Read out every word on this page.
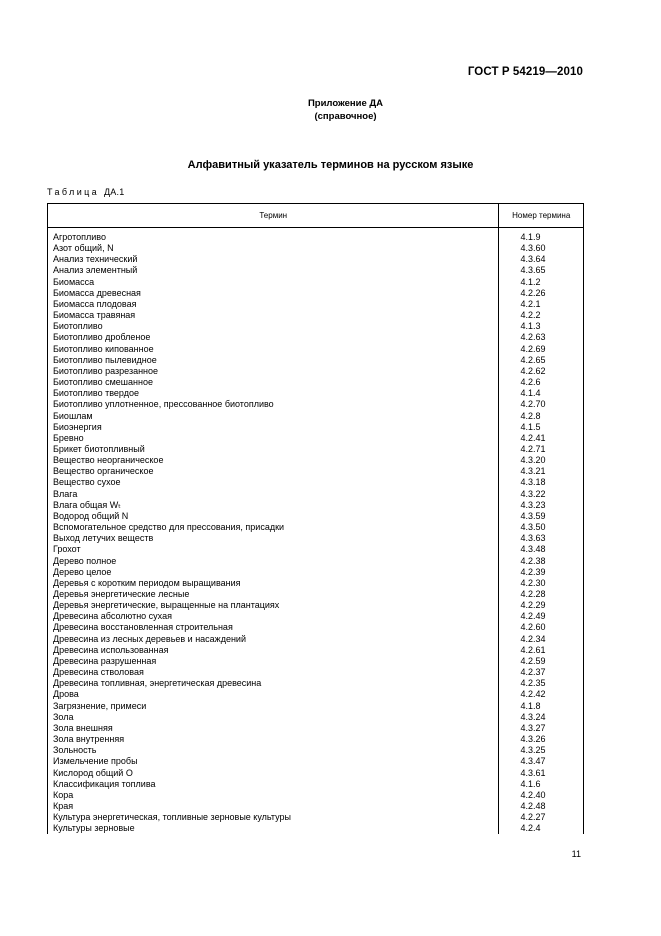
ГОСТ Р 54219—2010
Приложение ДА
(справочное)
Алфавитный указатель терминов на русском языке
Таблица ДА.1
Термин	Номер термина

Агротопливо	4.1.9
Азот общий, N	4.3.60
Анализ технический	4.3.64
Анализ элементный	4.3.65
Биомасса	4.1.2
Биомасса древесная	4.2.26
Биомасса плодовая	4.2.1
Биомасса травяная	4.2.2
Биотопливо	4.1.3
Биотопливо дробленое	4.2.63
Биотопливо кипованное	4.2.69
Биотопливо пылевидное	4.2.65
Биотопливо разрезанное	4.2.62
Биотопливо смешанное	4.2.6
Биотопливо твердое	4.1.4
Биотопливо уплотненное, прессованное биотопливо	4.2.70
Биошлам	4.2.8
Биоэнергия	4.1.5
Бревно	4.2.41
Брикет биотопливный	4.2.71
Вещество неорганическое	4.3.20
Вещество органическое	4.3.21
Вещество сухое	4.3.18
Влага	4.3.22
Влага общая Wₜ	4.3.23
Водород общий N	4.3.59
Вспомогательное средство для прессования, присадки	4.3.50
Выход летучих веществ	4.3.63
Грохот	4.3.48
Дерево полное	4.2.38
Дерево целое	4.2.39
Деревья с коротким периодом выращивания	4.2.30
Деревья энергетические лесные	4.2.28
Деревья энергетические, выращенные на плантациях	4.2.29
Древесина абсолютно сухая	4.2.49
Древесина восстановленная строительная	4.2.60
Древесина из лесных деревьев и насаждений	4.2.34
Древесина использованная	4.2.61
Древесина разрушенная	4.2.59
Древесина стволовая	4.2.37
Древесина топливная, энергетическая древесина	4.2.35
Дрова	4.2.42
Загрязнение, примеси	4.1.8
Зола	4.3.24
Зола внешняя	4.3.27
Зола внутренняя	4.3.26
Зольность	4.3.25
Измельчение пробы	4.3.47
Кислород общий О	4.3.61
Классификация топлива	4.1.6
Кора	4.2.40
Края	4.2.48
Культура энергетическая, топливные зерновые культуры	4.2.27
Культуры зерновые	4.2.4
11
